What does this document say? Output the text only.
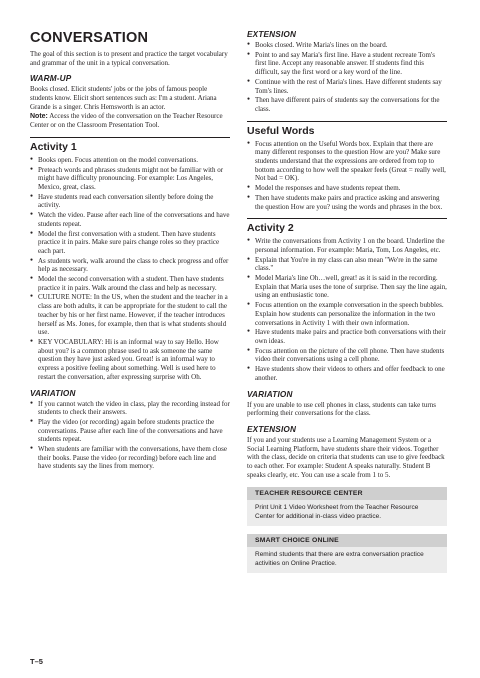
CONVERSATION

The goal of this section is to present and practice the target vocabulary and grammar of the unit in a typical conversation.

WARM-UP

Books closed. Elicit students' jobs or the jobs of famous people students know. Elicit short sentences such as: I'm a student. Ariana Grande is a singer. Chris Hemsworth is an actor.

Note: Access the video of the conversation on the Teacher Resource Center or on the Classroom Presentation Tool.

Activity 1
● Books open. Focus attention on the model conversations.
● Preteach words and phrases students might not be familiar with or might have difficulty pronouncing. For example: Los Angeles, Mexico, great, class.
● Have students read each conversation silently before doing the activity.
● Watch the video. Pause after each line of the conversations and have students repeat.
● Model the first conversation with a student. Then have students practice it in pairs. Make sure pairs change roles so they practice each part.
● As students work, walk around the class to check progress and offer help as necessary.
● Model the second conversation with a student. Then have students practice it in pairs. Walk around the class and help as necessary.
● CULTURE NOTE: In the US, when the student and the teacher in a class are both adults, it can be appropriate for the student to call the teacher by his or her first name. However, if the teacher introduces herself as Ms. Jones, for example, then that is what students should use.
● KEY VOCABULARY: Hi is an informal way to say Hello. How about you? is a common phrase used to ask someone the same question they have just asked you. Great! is an informal way to express a positive feeling about something. Well is used here to restart the conversation, after expressing surprise with Oh.
VARIATION
● If you cannot watch the video in class, play the recording instead for students to check their answers.
● Play the video (or recording) again before students practice the conversations. Pause after each line of the conversations and have students repeat.
● When students are familiar with the conversations, have them close their books. Pause the video (or recording) before each line and have students say the lines from memory.
EXTENSION
● Books closed. Write Maria's lines on the board.
● Point to and say Maria's first line. Have a student recreate Tom's first line. Accept any reasonable answer. If students find this difficult, say the first word or a key word of the line.
● Continue with the rest of Maria's lines. Have different students say Tom's lines.
● Then have different pairs of students say the conversations for the class.
Useful Words
● Focus attention on the Useful Words box. Explain that there are many different responses to the question How are you? Make sure students understand that the expressions are ordered from top to bottom according to how well the speaker feels (Great = really well, Not bad = OK).
● Model the responses and have students repeat them.
● Then have students make pairs and practice asking and answering the question How are you? using the words and phrases in the box.
Activity 2
● Write the conversations from Activity 1 on the board. Underline the personal information. For example: Maria, Tom, Los Angeles, etc.
● Explain that You're in my class can also mean "We're in the same class."
● Model Maria's line Oh…well, great! as it is said in the recording. Explain that Maria uses the tone of surprise. Then say the line again, using an enthusiastic tone.
● Focus attention on the example conversation in the speech bubbles. Explain how students can personalize the information in the two conversations in Activity 1 with their own information.
● Have students make pairs and practice both conversations with their own ideas.
● Focus attention on the picture of the cell phone. Then have students video their conversations using a cell phone.
● Have students show their videos to others and offer feedback to one another.
VARIATION

If you are unable to use cell phones in class, students can take turns performing their conversations for the class.

EXTENSION

If you and your students use a Learning Management System or a Social Learning Platform, have students share their videos. Together with the class, decide on criteria that students can use to give feedback to each other. For example: Student A speaks naturally. Student B speaks clearly, etc. You can use a scale from 1 to 5.

TEACHER RESOURCE CENTER
Print Unit 1 Video Worksheet from the Teacher Resource Center for additional in-class video practice.
SMART CHOICE ONLINE
Remind students that there are extra conversation practice activities on Online Practice.
T–5
